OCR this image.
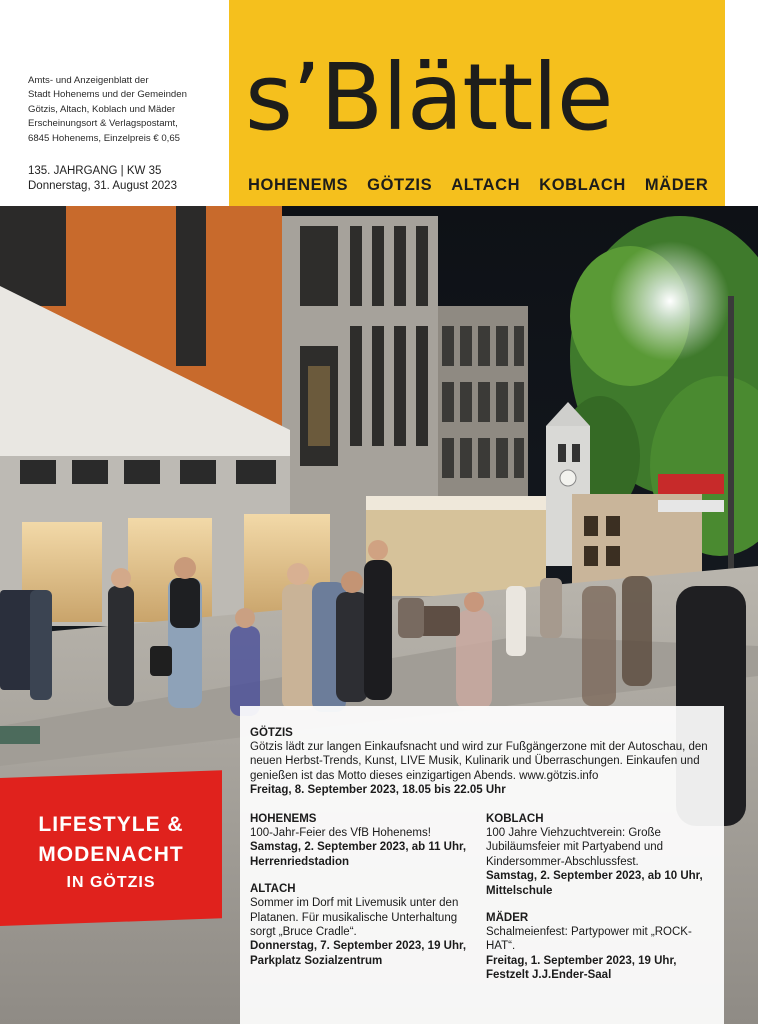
Amts- und Anzeigenblatt der
Stadt Hohenems und der Gemeinden
Götzis, Altach, Koblach und Mäder
Erscheinungsort & Verlagspostamt,
6845 Hohenems, Einzelpreis € 0,65
135. JAHRGANG | KW 35
Donnerstag, 31. August 2023
s’Blättle
HOHENEMS GÖTZIS ALTACH KOBLACH MÄDER
GÖTZIS
Götzis lädt zur langen Einkaufsnacht und wird zur Fußgängerzone mit der Autoschau, den neuen Herbst-Trends, Kunst, LIVE Musik, Kulinarik und Überraschungen. Einkaufen und genießen ist das Motto dieses einzigartigen Abends. www.götzis.info
Freitag, 8. September 2023, 18.05 bis 22.05 Uhr
HOHENEMS
100-Jahr-Feier des VfB Hohenems!
Samstag, 2. September 2023, ab 11 Uhr, Herrenriedstadion
ALTACH
Sommer im Dorf mit Livemusik unter den Platanen. Für musikalische Unterhaltung sorgt „Bruce Cradle“.
Donnerstag, 7. September 2023, 19 Uhr, Parkplatz Sozialzentrum
KOBLACH
100 Jahre Viehzuchtverein: Große Jubiläumsfeier mit Partyabend und Kindersommer-Abschlussfest.
Samstag, 2. September 2023, ab 10 Uhr, Mittelschule
MÄDER
Schalmeienfest: Partypower mit „ROCK-HAT“.
Freitag, 1. September 2023, 19 Uhr, Festzelt J.J.Ender-Saal
LIFESTYLE &
MODENACHT
IN GÖTZIS
